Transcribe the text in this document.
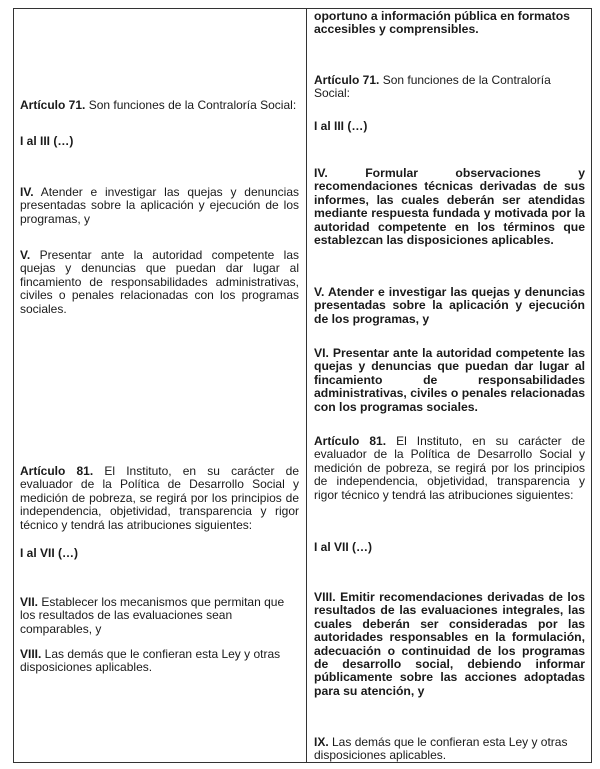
Artículo 71. Son funciones de la Contraloría Social:

I al III (…)

IV. Atender e investigar las quejas y denuncias presentadas sobre la aplicación y ejecución de los programas, y

V. Presentar ante la autoridad competente las quejas y denuncias que puedan dar lugar al fincamiento de responsabilidades administrativas, civiles o penales relacionadas con los programas sociales.

Artículo 81. El Instituto, en su carácter de evaluador de la Política de Desarrollo Social y medición de pobreza, se regirá por los principios de independencia, objetividad, transparencia y rigor técnico y tendrá las atribuciones siguientes:

I al VII (…)

VII. Establecer los mecanismos que permitan que los resultados de las evaluaciones sean comparables, y

VIII. Las demás que le confieran esta Ley y otras disposiciones aplicables.

oportuno a información pública en formatos accesibles y comprensibles.

Artículo 71. Son funciones de la Contraloría Social:

I al III (…)

IV. Formular observaciones y recomendaciones técnicas derivadas de sus informes, las cuales deberán ser atendidas mediante respuesta fundada y motivada por la autoridad competente en los términos que establezcan las disposiciones aplicables.

V. Atender e investigar las quejas y denuncias presentadas sobre la aplicación y ejecución de los programas, y

VI. Presentar ante la autoridad competente las quejas y denuncias que puedan dar lugar al fincamiento de responsabilidades administrativas, civiles o penales relacionadas con los programas sociales.

Artículo 81. El Instituto, en su carácter de evaluador de la Política de Desarrollo Social y medición de pobreza, se regirá por los principios de independencia, objetividad, transparencia y rigor técnico y tendrá las atribuciones siguientes:

I al VII (…)

VIII. Emitir recomendaciones derivadas de los resultados de las evaluaciones integrales, las cuales deberán ser consideradas por las autoridades responsables en la formulación, adecuación o continuidad de los programas de desarrollo social, debiendo informar públicamente sobre las acciones adoptadas para su atención, y

IX. Las demás que le confieran esta Ley y otras disposiciones aplicables.
